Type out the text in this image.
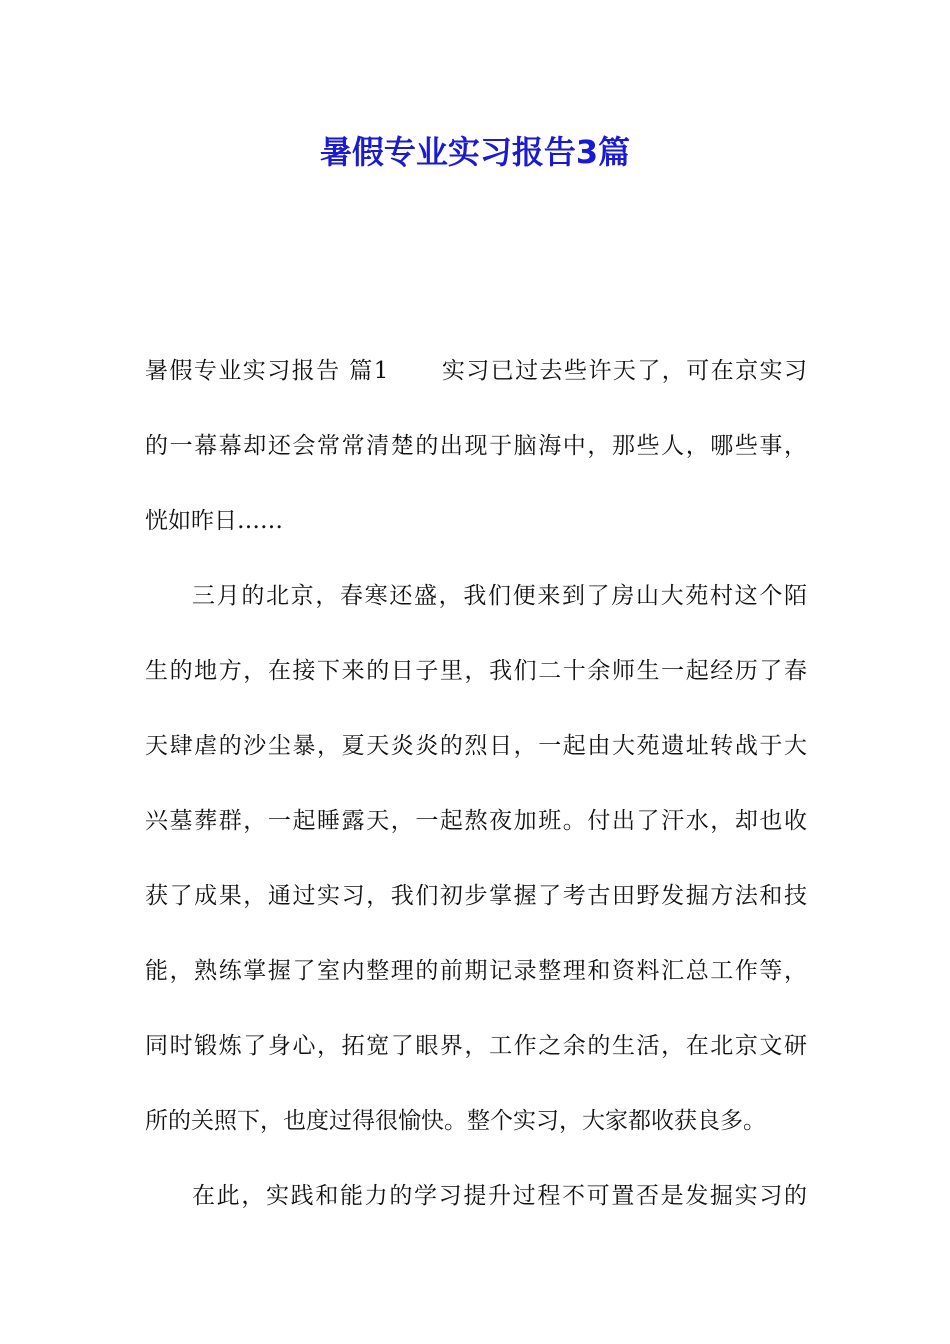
暑假专业实习报告3篇
暑假专业实习报告 篇1 实习已过去些许天了，可在京实习
的一幕幕却还会常常清楚的出现于脑海中，那些人，哪些事，
恍如昨日……
三月的北京，春寒还盛，我们便来到了房山大苑村这个陌
生的地方，在接下来的日子里，我们二十余师生一起经历了春
天肆虐的沙尘暴，夏天炎炎的烈日，一起由大苑遗址转战于大
兴墓葬群，一起睡露天，一起熬夜加班。付出了汗水，却也收
获了成果，通过实习，我们初步掌握了考古田野发掘方法和技
能，熟练掌握了室内整理的前期记录整理和资料汇总工作等，
同时锻炼了身心，拓宽了眼界，工作之余的生活，在北京文研
所的关照下，也度过得很愉快。整个实习，大家都收获良多。
在此，实践和能力的学习提升过程不可置否是发掘实习的
